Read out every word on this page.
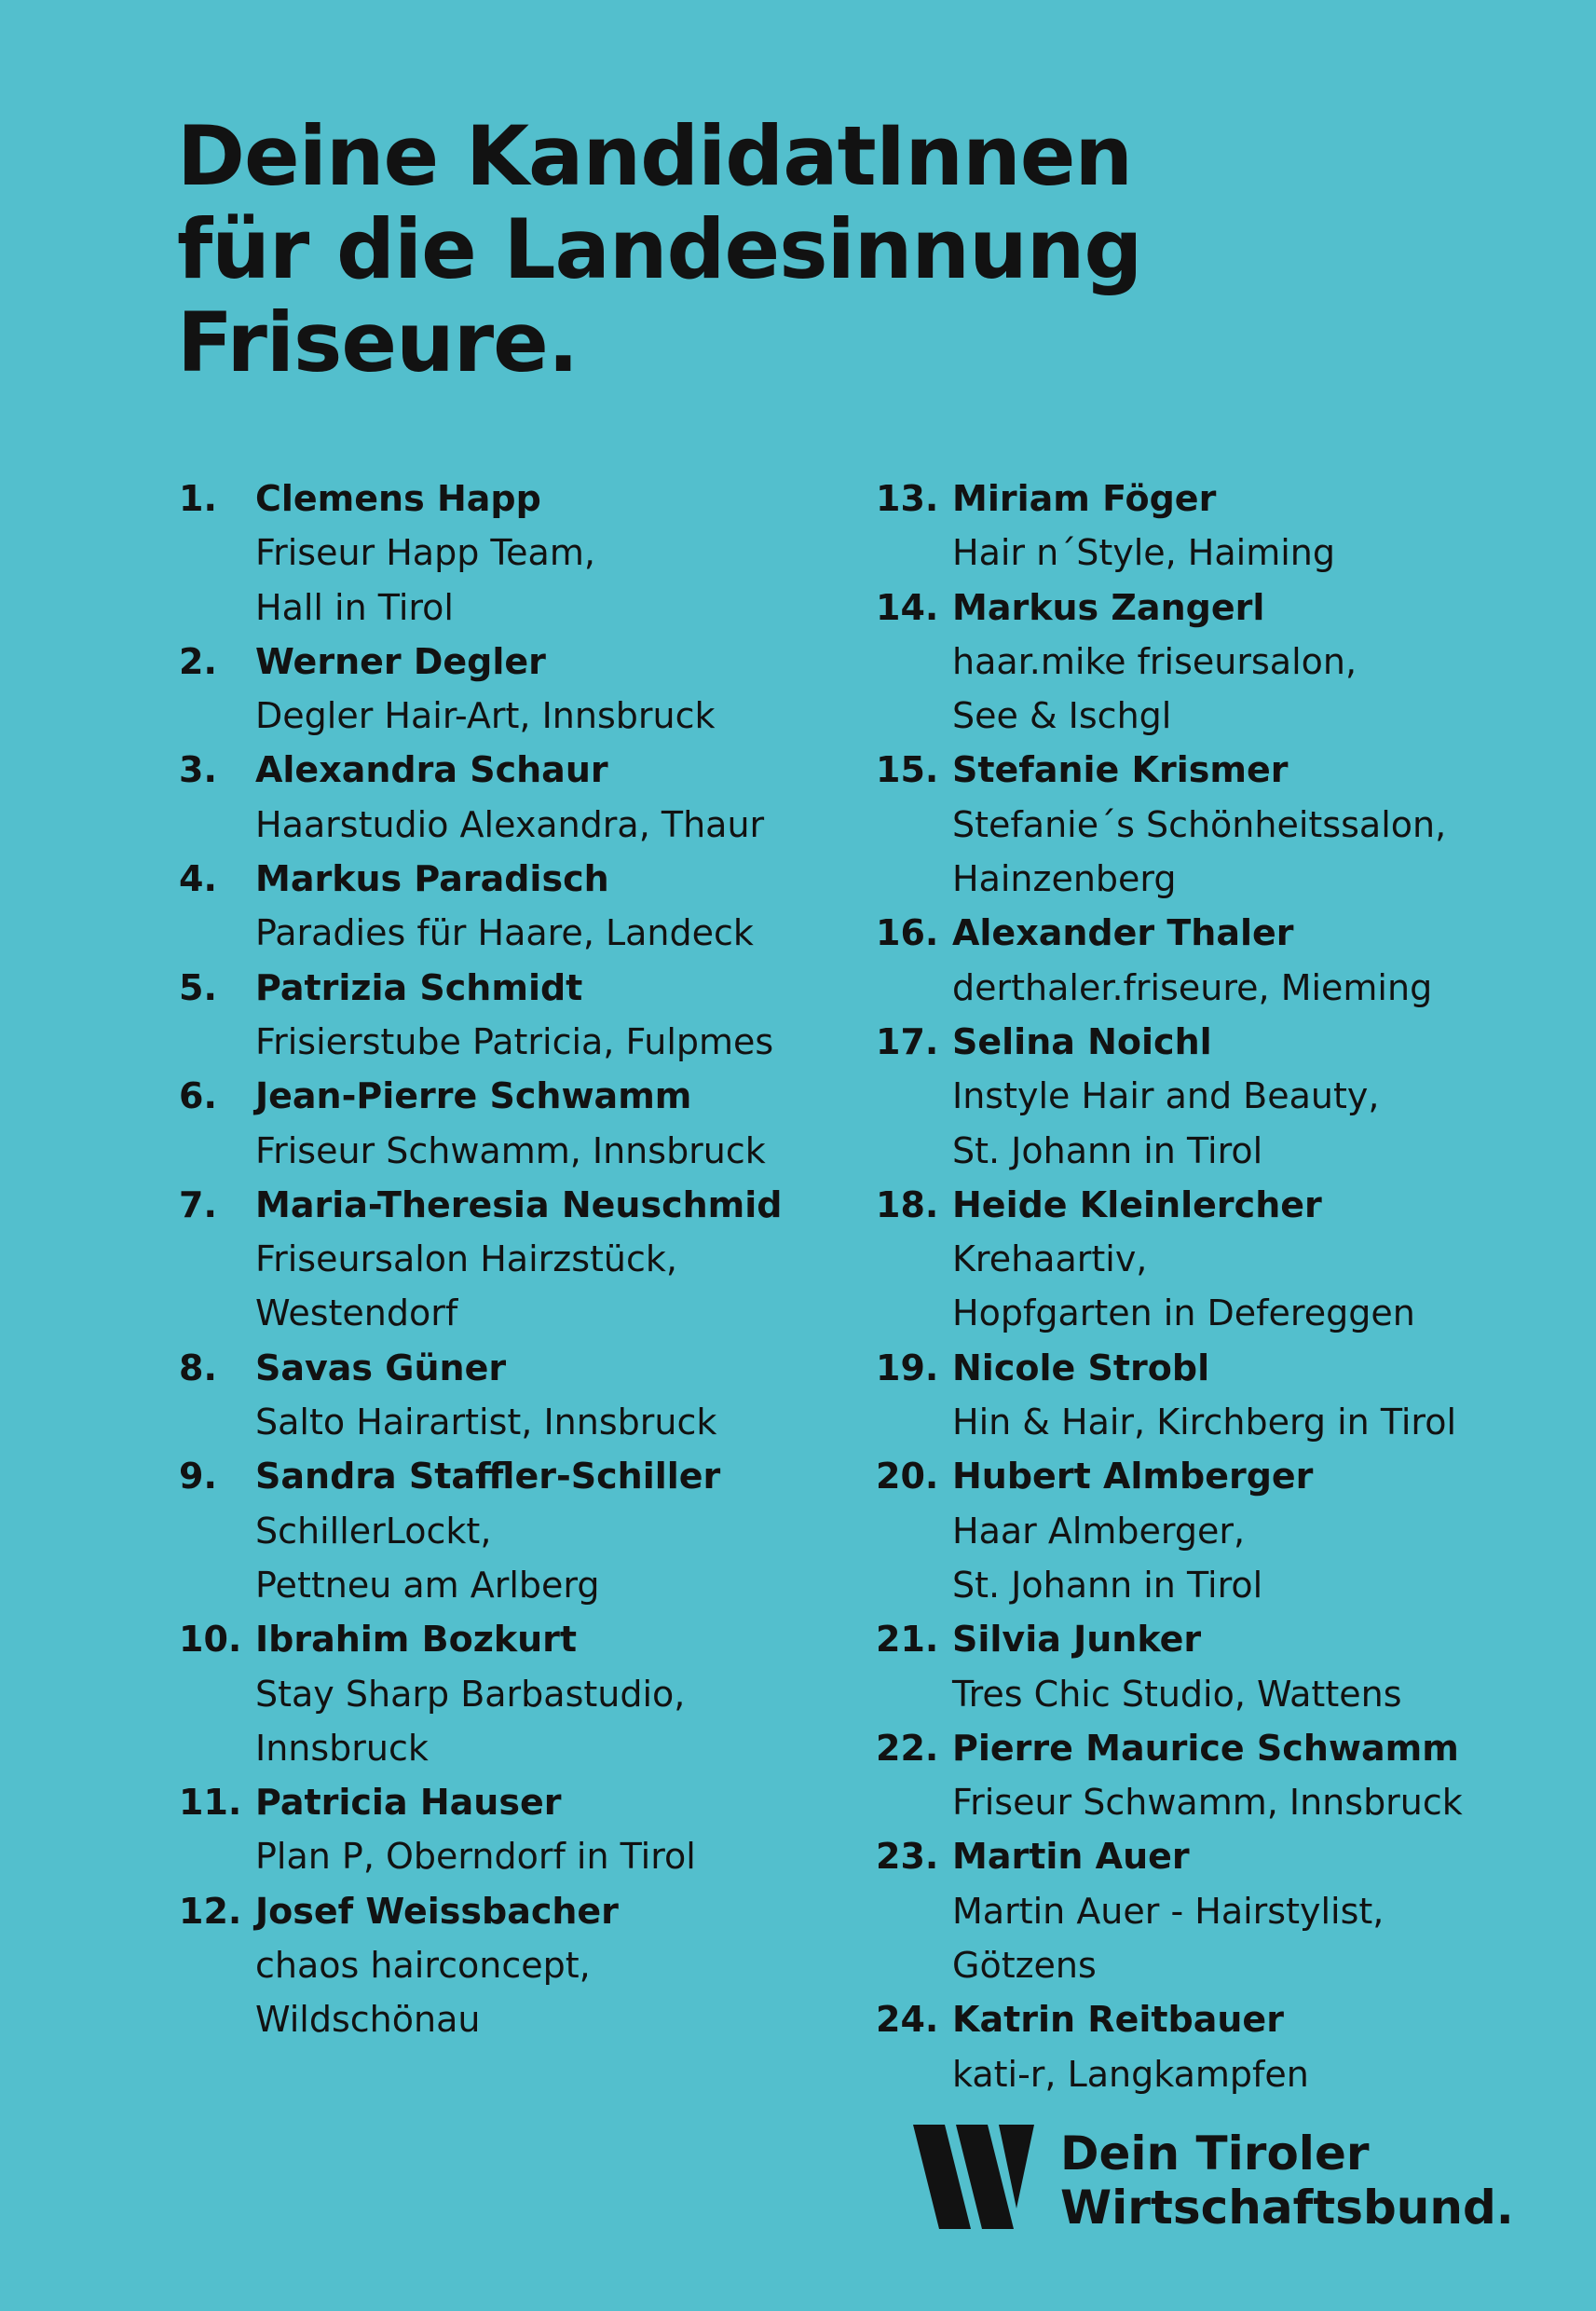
Deine KandidatInnen
für die Landesinnung
Friseure.
1. Clemens Happ
Friseur Happ Team,
Hall in Tirol
2. Werner Degler
Degler Hair-Art, Innsbruck
3. Alexandra Schaur
Haarstudio Alexandra, Thaur
4. Markus Paradisch
Paradies für Haare, Landeck
5. Patrizia Schmidt
Frisierstube Patricia, Fulpmes
6. Jean-Pierre Schwamm
Friseur Schwamm, Innsbruck
7. Maria-Theresia Neuschmid
Friseursalon Hairzstück,
Westendorf
8. Savas Güner
Salto Hairartist, Innsbruck
9. Sandra Staffler-Schiller
SchillerLockt,
Pettneu am Arlberg
10. Ibrahim Bozkurt
Stay Sharp Barbastudio,
Innsbruck
11. Patricia Hauser
Plan P, Oberndorf in Tirol
12. Josef Weissbacher
chaos hairconcept,
Wildschönau
13. Miriam Föger
Hair n´Style, Haiming
14. Markus Zangerl
haar.mike friseursalon,
See & Ischgl
15. Stefanie Krismer
Stefanie´s Schönheitssalon,
Hainzenberg
16. Alexander Thaler
derthaler.friseure, Mieming
17. Selina Noichl
Instyle Hair and Beauty,
St. Johann in Tirol
18. Heide Kleinlercher
Krehaartiv,
Hopfgarten in Defereggen
19. Nicole Strobl
Hin & Hair, Kirchberg in Tirol
20. Hubert Almberger
Haar Almberger,
St. Johann in Tirol
21. Silvia Junker
Tres Chic Studio, Wattens
22. Pierre Maurice Schwamm
Friseur Schwamm, Innsbruck
23. Martin Auer
Martin Auer - Hairstylist,
Götzens
24. Katrin Reitbauer
kati-r, Langkampfen
Dein Tiroler
Wirtschaftsbund.
